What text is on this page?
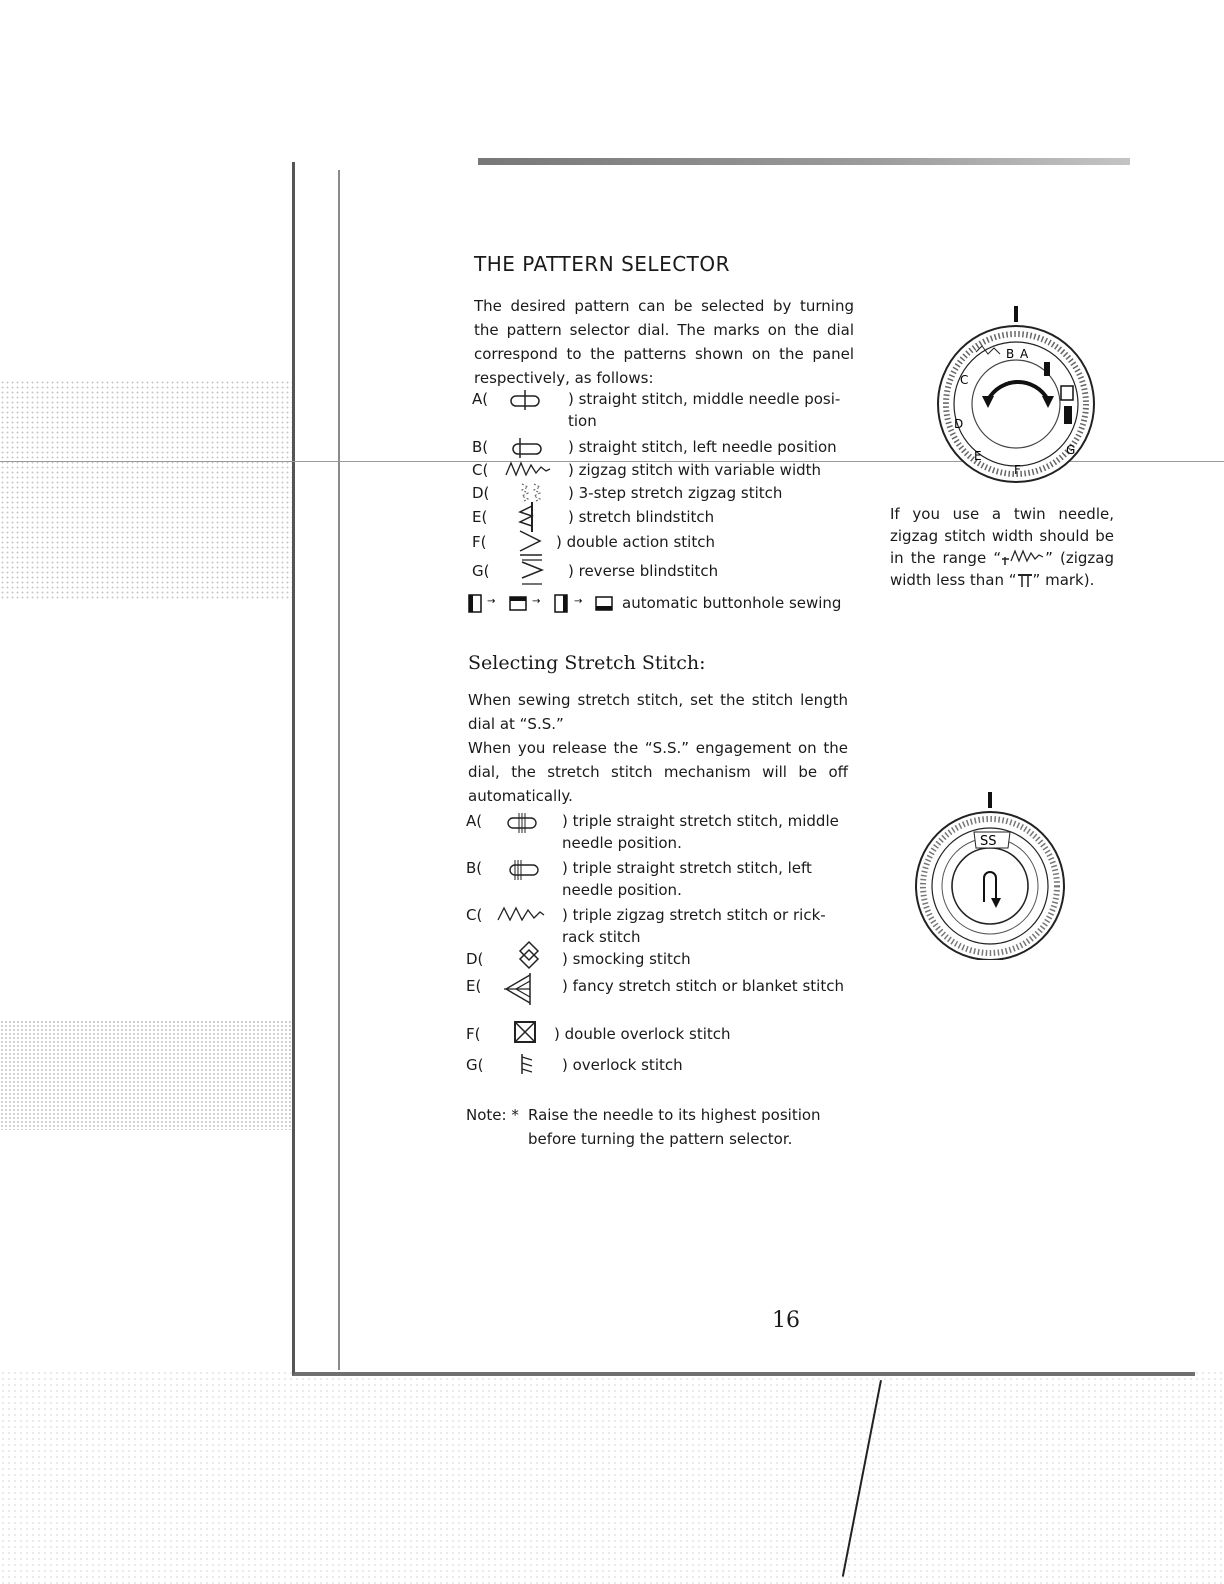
THE PATTERN SELECTOR
The desired pattern can be selected by turning the pattern selector dial. The marks on the dial correspond to the patterns shown on the panel respectively, as follows:
A(	) straight stitch, middle needle posi- tion
B(	) straight stitch, left needle position
C(	) zigzag stitch with variable width
D(	) 3-step stretch zigzag stitch
E(	) stretch blindstitch
F(	) double action stitch
G(	) reverse blindstitch
→	→	→	automatic buttonhole sewing
B A
C
D
E
F
G
If you use a twin needle, zigzag stitch width should be in the range “	” (zigzag width less than “ ” mark).
Selecting Stretch Stitch:
When sewing stretch stitch, set the stitch length dial at “S.S.”
When you release the “S.S.” engagement on the dial, the stretch stitch mechanism will be off automatically.
A(	) triple straight stretch stitch, middle needle position.
B(	) triple straight stretch stitch, left needle position.
C(	) triple zigzag stretch stitch or rick- rack stitch
D(	) smocking stitch
E(	) fancy stretch stitch or blanket stitch
F(	) double overlock stitch
G(	) overlock stitch
SS
Note: * Raise the needle to its highest position before turning the pattern selector.
16
